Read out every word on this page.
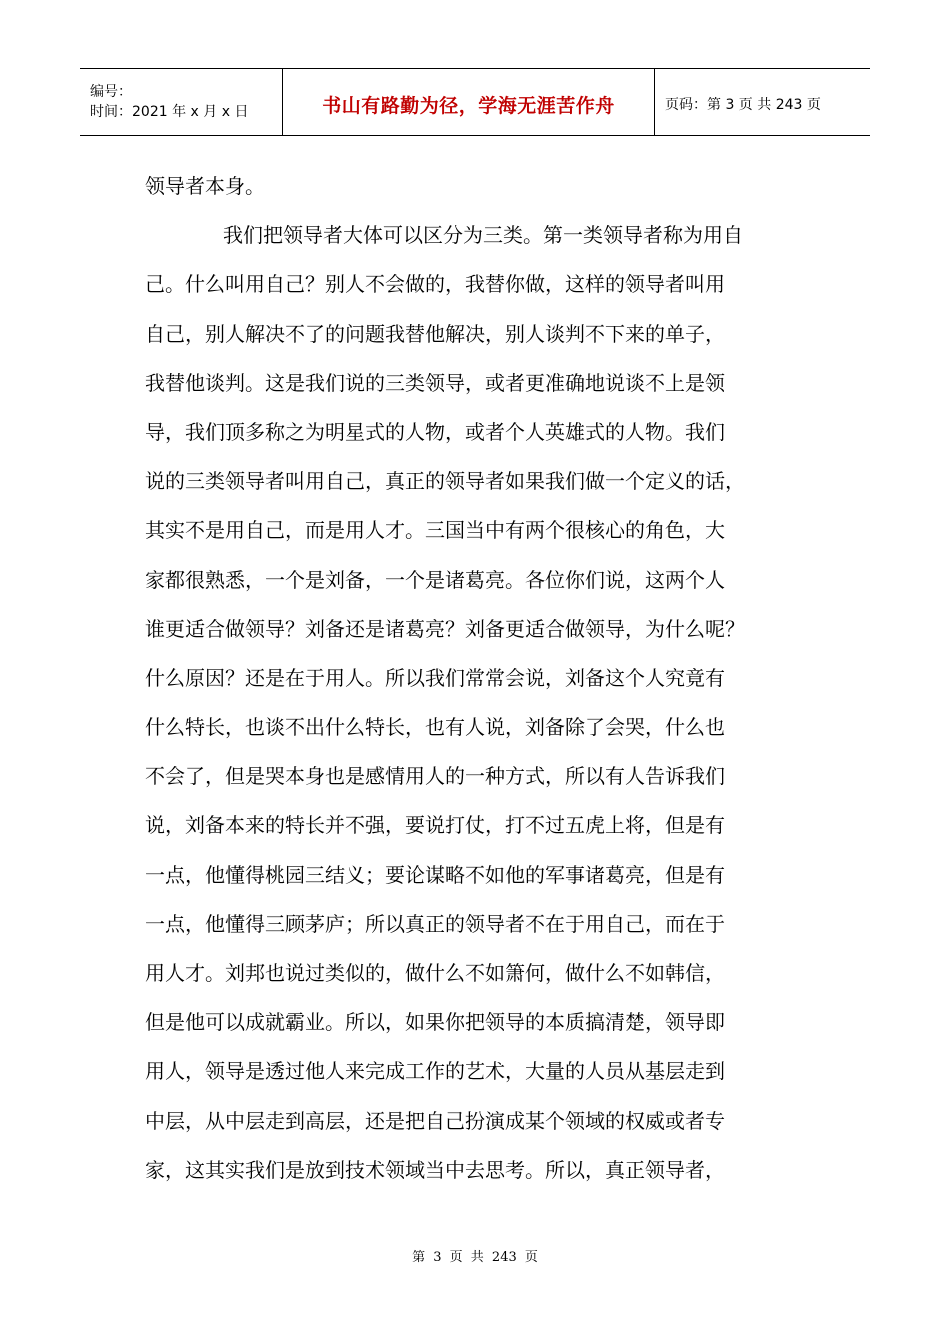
编号：
时间：2021 年 x 月 x 日	书山有路勤为径，学海无涯苦作舟	页码：第 3 页 共 243 页
领导者本身。
我们把领导者大体可以区分为三类。第一类领导者称为用自
己。什么叫用自己？别人不会做的，我替你做，这样的领导者叫用
自己，别人解决不了的问题我替他解决，别人谈判不下来的单子，
我替他谈判。这是我们说的三类领导，或者更准确地说谈不上是领
导，我们顶多称之为明星式的人物，或者个人英雄式的人物。我们
说的三类领导者叫用自己，真正的领导者如果我们做一个定义的话，
其实不是用自己，而是用人才。三国当中有两个很核心的角色，大
家都很熟悉，一个是刘备，一个是诸葛亮。各位你们说，这两个人
谁更适合做领导？刘备还是诸葛亮？刘备更适合做领导，为什么呢？
什么原因？还是在于用人。所以我们常常会说，刘备这个人究竟有
什么特长，也谈不出什么特长，也有人说，刘备除了会哭，什么也
不会了，但是哭本身也是感情用人的一种方式，所以有人告诉我们
说，刘备本来的特长并不强，要说打仗，打不过五虎上将，但是有
一点，他懂得桃园三结义；要论谋略不如他的军事诸葛亮，但是有
一点，他懂得三顾茅庐；所以真正的领导者不在于用自己，而在于
用人才。刘邦也说过类似的，做什么不如箫何，做什么不如韩信，
但是他可以成就霸业。所以，如果你把领导的本质搞清楚，领导即
用人，领导是透过他人来完成工作的艺术，大量的人员从基层走到
中层，从中层走到高层，还是把自己扮演成某个领域的权威或者专
家，这其实我们是放到技术领域当中去思考。所以，真正领导者，
第 3 页 共 243 页
